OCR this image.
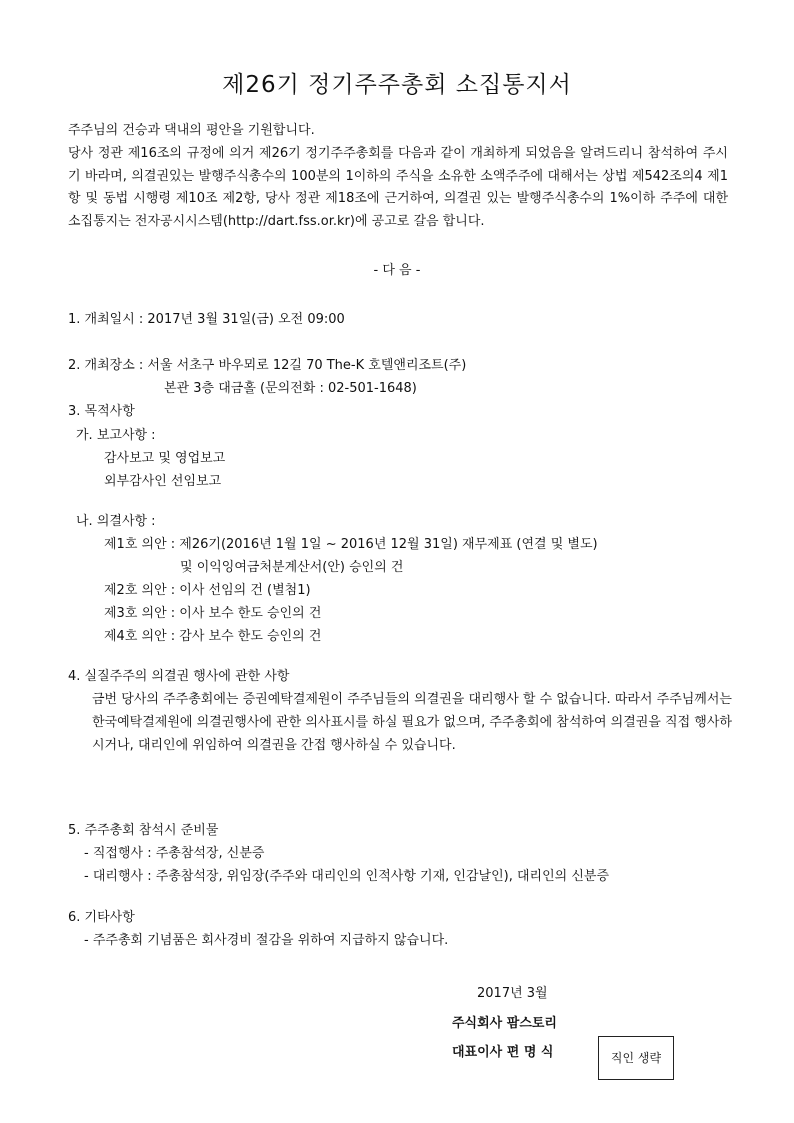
제26기 정기주주총회 소집통지서

주주님의 건승과 댁내의 평안을 기원합니다.

당사 정관 제16조의 규정에 의거 제26기 정기주주총회를 다음과 같이 개최하게 되었음을 알려드리니 참석하여 주시기 바라며, 의결권있는 발행주식총수의 100분의 1이하의 주식을 소유한 소액주주에 대해서는 상법 제542조의4 제1항 및 동법 시행령 제10조 제2항, 당사 정관 제18조에 근거하여, 의결권 있는 발행주식총수의 1%이하 주주에 대한 소집통지는 전자공시시스템(http://dart.fss.or.kr)에 공고로 갈음 합니다.

- 다 음 -
1. 개최일시 : 2017년 3월 31일(금) 오전 09:00
2. 개최장소 : 서울 서초구 바우뫼로 12길 70 The-K 호텔앤리조트(주)
본관 3층 대금홀 (문의전화 : 02-501-1648)
3. 목적사항
가. 보고사항 :
감사보고 및 영업보고
외부감사인 선임보고
나. 의결사항 :
제1호 의안 : 제26기(2016년 1월 1일 ~ 2016년 12월 31일) 재무제표 (연결 및 별도)
및 이익잉여금처분계산서(안) 승인의 건
제2호 의안 : 이사 선임의 건 (별첨1)
제3호 의안 : 이사 보수 한도 승인의 건
제4호 의안 : 감사 보수 한도 승인의 건
4. 실질주주의 의결권 행사에 관한 사항

금번 당사의 주주총회에는 증권예탁결제원이 주주님들의 의결권을 대리행사 할 수 없습니다. 따라서 주주님께서는 한국예탁결제원에 의결권행사에 관한 의사표시를 하실 필요가 없으며, 주주총회에 참석하여 의결권을 직접 행사하시거나, 대리인에 위임하여 의결권을 간접 행사하실 수 있습니다.

5. 주주총회 참석시 준비물
- 직접행사 : 주총참석장, 신분증
- 대리행사 : 주총참석장, 위임장(주주와 대리인의 인적사항 기재, 인감날인), 대리인의 신분증
6. 기타사항
- 주주총회 기념품은 회사경비 절감을 위하여 지급하지 않습니다.
2017년 3월
주식회사 팜스토리
대표이사 편 명 식	직인 생략
